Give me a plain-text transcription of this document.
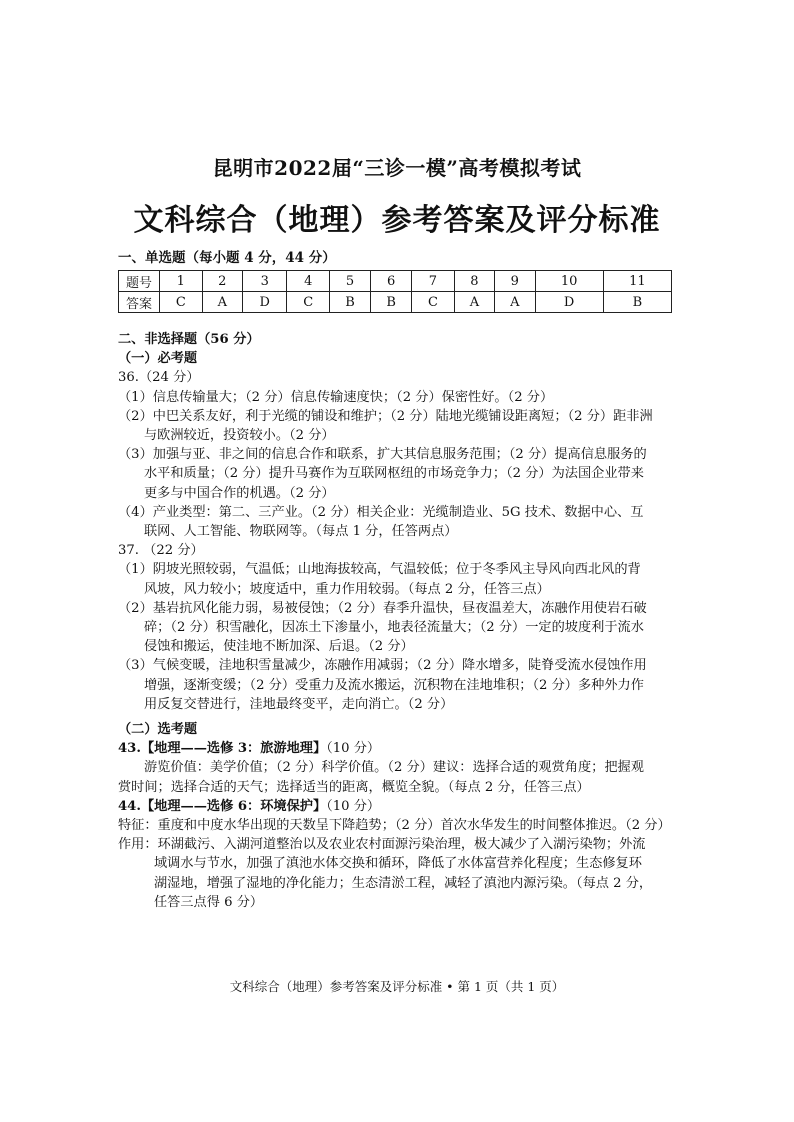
昆明市2022届“三诊一模”高考模拟考试
文科综合（地理）参考答案及评分标准
一、单选题（每小题 4 分，44 分）
题号	1	2	3	4	5	6	7	8	9	10	11
答案	C	A	D	C	B	B	C	A	A	D	B
二、非选择题（56 分）
（一）必考题
36.（24 分）
（1）信息传输量大；（2 分）信息传输速度快；（2 分）保密性好。（2 分）
（2）中巴关系友好，利于光缆的铺设和维护；（2 分）陆地光缆铺设距离短；（2 分）距非洲
与欧洲较近，投资较小。（2 分）
（3）加强与亚、非之间的信息合作和联系，扩大其信息服务范围；（2 分）提高信息服务的
水平和质量；（2 分）提升马赛作为互联网枢纽的市场竞争力；（2 分）为法国企业带来
更多与中国合作的机遇。（2 分）
（4）产业类型：第二、三产业。（2 分）相关企业：光缆制造业、5G 技术、数据中心、互
联网、人工智能、物联网等。（每点 1 分，任答两点）
37. （22 分）
（1）阴坡光照较弱，气温低；山地海拔较高，气温较低；位于冬季风主导风向西北风的背
风坡，风力较小；坡度适中，重力作用较弱。（每点 2 分，任答三点）
（2）基岩抗风化能力弱，易被侵蚀；（2 分）春季升温快，昼夜温差大，冻融作用使岩石破
碎；（2 分）积雪融化，因冻土下渗量小，地表径流量大；（2 分）一定的坡度利于流水
侵蚀和搬运，使洼地不断加深、后退。（2 分）
（3）气候变暖，洼地积雪量减少，冻融作用减弱；（2 分）降水增多，陡脊受流水侵蚀作用
增强，逐渐变缓；（2 分）受重力及流水搬运，沉积物在洼地堆积；（2 分）多种外力作
用反复交替进行，洼地最终变平，走向消亡。（2 分）
（二）选考题
43.【地理——选修 3：旅游地理】（10 分）
游览价值：美学价值；（2 分）科学价值。（2 分）建议：选择合适的观赏角度；把握观
赏时间；选择合适的天气；选择适当的距离，概览全貌。（每点 2 分，任答三点）
44.【地理——选修 6：环境保护】（10 分）
特征：重度和中度水华出现的天数呈下降趋势；（2 分）首次水华发生的时间整体推迟。（2 分）
作用：环湖截污、入湖河道整治以及农业农村面源污染治理，极大减少了入湖污染物；外流
域调水与节水，加强了滇池水体交换和循环，降低了水体富营养化程度；生态修复环
湖湿地，增强了湿地的净化能力；生态清淤工程，减轻了滇池内源污染。（每点 2 分，
任答三点得 6 分）
文科综合（地理）参考答案及评分标准 • 第 1 页（共 1 页）
